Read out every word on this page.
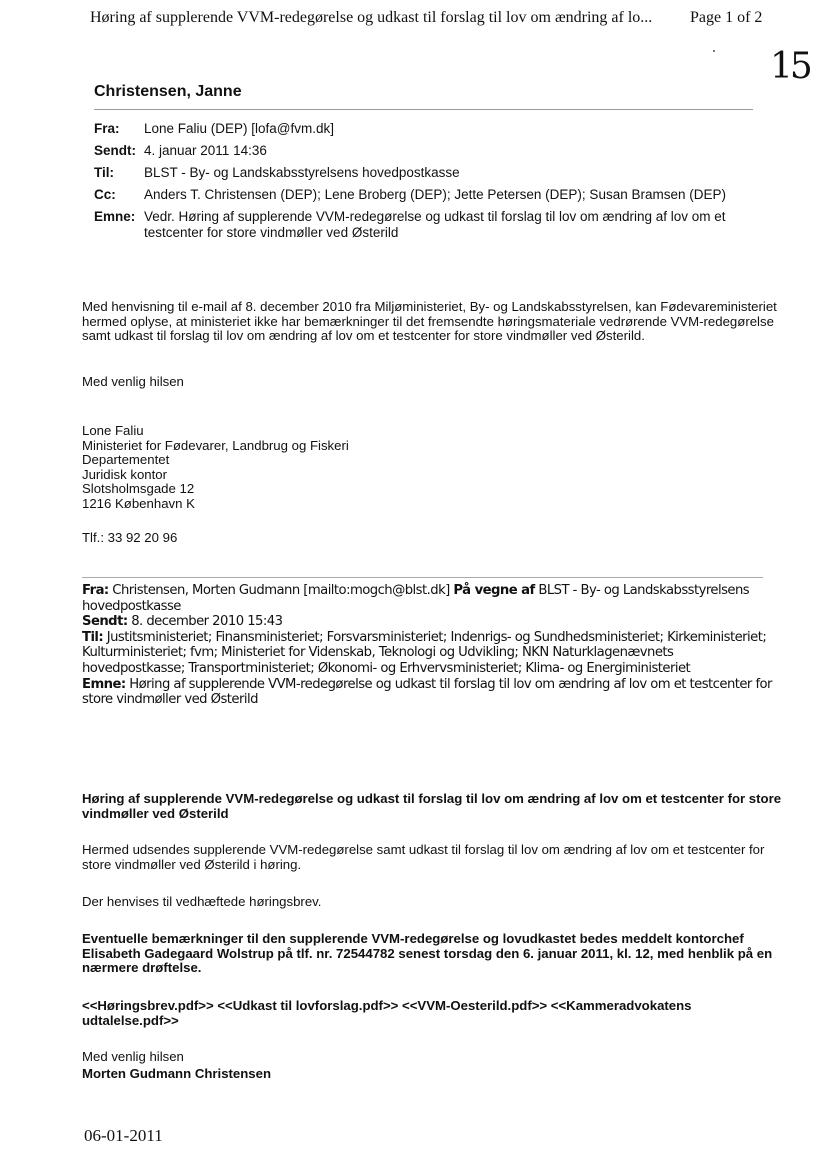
Høring af supplerende VVM-redegørelse og udkast til forslag til lov om ændring af lo... Page 1 of 2
15
Christensen, Janne
Fra:	Lone Faliu (DEP) [lofa@fvm.dk]
Sendt: 4. januar 2011 14:36
Til:	BLST - By- og Landskabsstyrelsens hovedpostkasse
Cc:	Anders T. Christensen (DEP); Lene Broberg (DEP); Jette Petersen (DEP); Susan Bramsen (DEP)
Emne: Vedr. Høring af supplerende VVM-redegørelse og udkast til forslag til lov om ændring af lov om et testcenter for store vindmøller ved Østerild

Med henvisning til e-mail af 8. december 2010 fra Miljøministeriet, By- og Landskabsstyrelsen, kan Fødevareministeriet hermed oplyse, at ministeriet ikke har bemærkninger til det fremsendte høringsmateriale vedrørende VVM-redegørelse samt udkast til forslag til lov om ændring af lov om et testcenter for store vindmøller ved Østerild.

Med venlig hilsen

Lone Faliu
Ministeriet for Fødevarer, Landbrug og Fiskeri
Departementet
Juridisk kontor
Slotsholmsgade 12
1216 København K

Tlf.: 33 92 20 96

Fra: Christensen, Morten Gudmann [mailto:mogch@blst.dk] På vegne af BLST - By- og Landskabsstyrelsens hovedpostkasse
Sendt: 8. december 2010 15:43
Til: Justitsministeriet; Finansministeriet; Forsvarsministeriet; Indenrigs- og Sundhedsministeriet; Kirkeministeriet; Kulturministeriet; fvm; Ministeriet for Videnskab, Teknologi og Udvikling; NKN Naturklagenævnets hovedpostkasse; Transportministeriet; Økonomi- og Erhvervsministeriet; Klima- og Energiministeriet
Emne: Høring af supplerende VVM-redegørelse og udkast til forslag til lov om ændring af lov om et testcenter for store vindmøller ved Østerild

Høring af supplerende VVM-redegørelse og udkast til forslag til lov om ændring af lov om et testcenter for store vindmøller ved Østerild

Hermed udsendes supplerende VVM-redegørelse samt udkast til forslag til lov om ændring af lov om et testcenter for store vindmøller ved Østerild i høring.

Der henvises til vedhæftede høringsbrev.

Eventuelle bemærkninger til den supplerende VVM-redegørelse og lovudkastet bedes meddelt kontorchef Elisabeth Gadegaard Wolstrup på tlf. nr. 72544782 senest torsdag den 6. januar 2011, kl. 12, med henblik på en nærmere drøftelse.

<<Høringsbrev.pdf>> <<Udkast til lovforslag.pdf>> <<VVM-Oesterild.pdf>> <<Kammeradvokatens udtalelse.pdf>>

Med venlig hilsen

Morten Gudmann Christensen

06-01-2011
